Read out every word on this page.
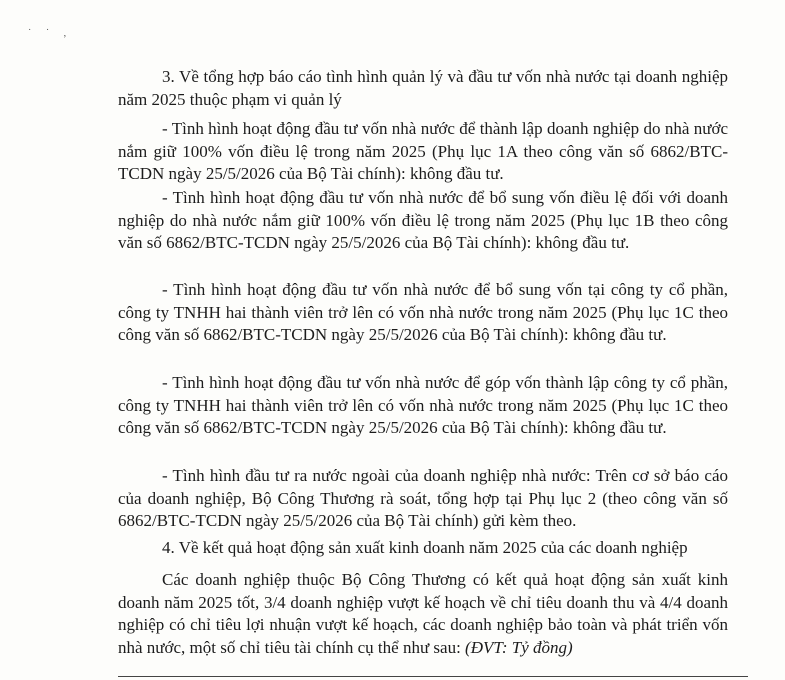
˙ ˙ ,

3. Về tổng hợp báo cáo tình hình quản lý và đầu tư vốn nhà nước tại doanh nghiệp năm 2025 thuộc phạm vi quản lý

- Tình hình hoạt động đầu tư vốn nhà nước để thành lập doanh nghiệp do nhà nước nắm giữ 100% vốn điều lệ trong năm 2025 (Phụ lục 1A theo công văn số 6862/BTC-TCDN ngày 25/5/2026 của Bộ Tài chính): không đầu tư.

- Tình hình hoạt động đầu tư vốn nhà nước để bổ sung vốn điều lệ đối với doanh nghiệp do nhà nước nắm giữ 100% vốn điều lệ trong năm 2025 (Phụ lục 1B theo công văn số 6862/BTC-TCDN ngày 25/5/2026 của Bộ Tài chính): không đầu tư.

- Tình hình hoạt động đầu tư vốn nhà nước để bổ sung vốn tại công ty cổ phần, công ty TNHH hai thành viên trở lên có vốn nhà nước trong năm 2025 (Phụ lục 1C theo công văn số 6862/BTC-TCDN ngày 25/5/2026 của Bộ Tài chính): không đầu tư.

- Tình hình hoạt động đầu tư vốn nhà nước để góp vốn thành lập công ty cổ phần, công ty TNHH hai thành viên trở lên có vốn nhà nước trong năm 2025 (Phụ lục 1C theo công văn số 6862/BTC-TCDN ngày 25/5/2026 của Bộ Tài chính): không đầu tư.

- Tình hình đầu tư ra nước ngoài của doanh nghiệp nhà nước: Trên cơ sở báo cáo của doanh nghiệp, Bộ Công Thương rà soát, tổng hợp tại Phụ lục 2 (theo công văn số 6862/BTC-TCDN ngày 25/5/2026 của Bộ Tài chính) gửi kèm theo.

4. Về kết quả hoạt động sản xuất kinh doanh năm 2025 của các doanh nghiệp

Các doanh nghiệp thuộc Bộ Công Thương có kết quả hoạt động sản xuất kinh doanh năm 2025 tốt, 3/4 doanh nghiệp vượt kế hoạch về chỉ tiêu doanh thu và 4/4 doanh nghiệp có chỉ tiêu lợi nhuận vượt kế hoạch, các doanh nghiệp bảo toàn và phát triển vốn nhà nước, một số chỉ tiêu tài chính cụ thể như sau: (ĐVT: Tỷ đồng)
